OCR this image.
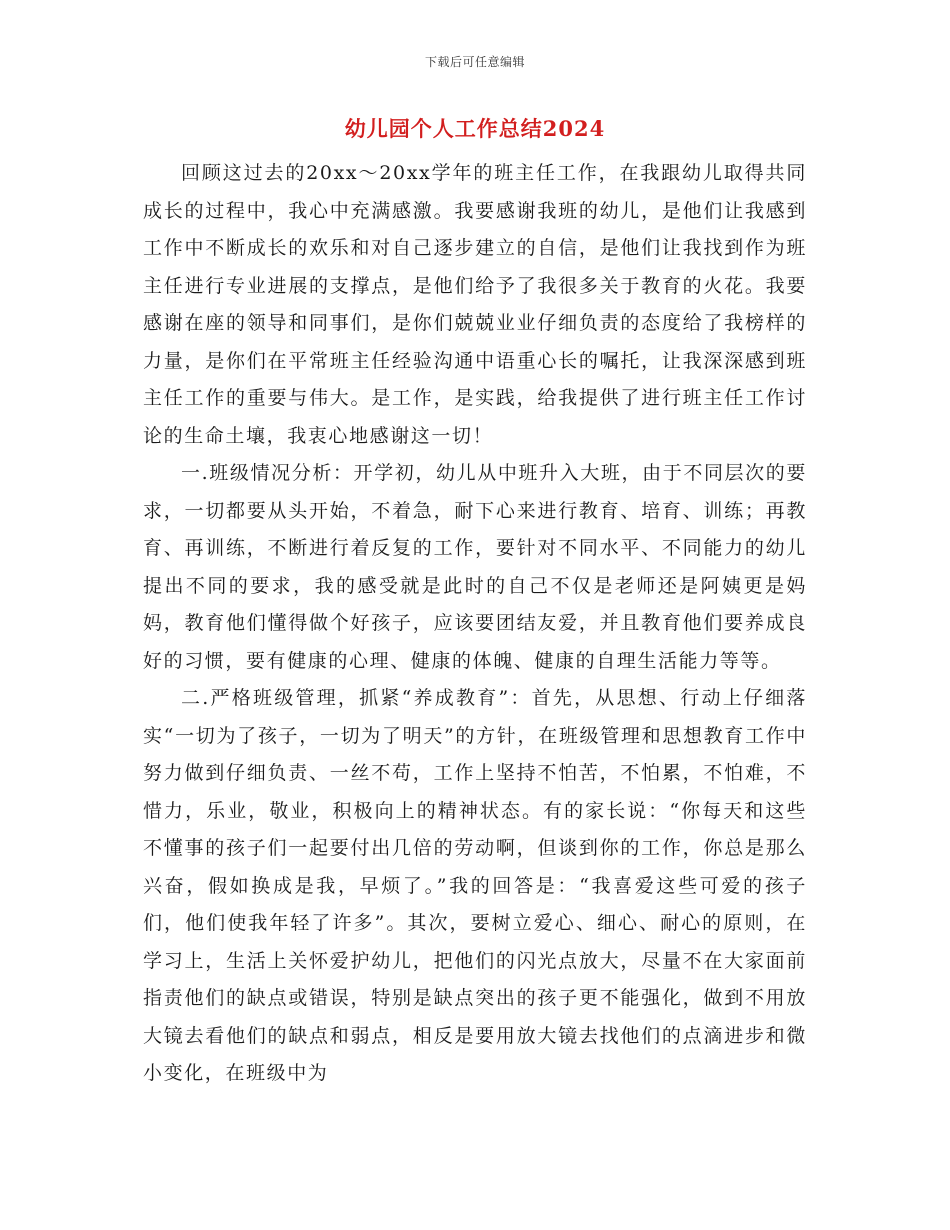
下载后可任意编辑
幼儿园个人工作总结2024

回顾这过去的20xx～20xx学年的班主任工作，在我跟幼儿取得共同成长的过程中，我心中充满感激。我要感谢我班的幼儿，是他们让我感到工作中不断成长的欢乐和对自己逐步建立的自信，是他们让我找到作为班主任进行专业进展的支撑点，是他们给予了我很多关于教育的火花。我要感谢在座的领导和同事们，是你们兢兢业业仔细负责的态度给了我榜样的力量，是你们在平常班主任经验沟通中语重心长的嘱托，让我深深感到班主任工作的重要与伟大。是工作，是实践，给我提供了进行班主任工作讨论的生命土壤，我衷心地感谢这一切！

一.班级情况分析：开学初，幼儿从中班升入大班，由于不同层次的要求，一切都要从头开始，不着急，耐下心来进行教育、培育、训练；再教育、再训练，不断进行着反复的工作，要针对不同水平、不同能力的幼儿提出不同的要求，我的感受就是此时的自己不仅是老师还是阿姨更是妈妈，教育他们懂得做个好孩子，应该要团结友爱，并且教育他们要养成良好的习惯，要有健康的心理、健康的体魄、健康的自理生活能力等等。

二.严格班级管理，抓紧“养成教育”：首先，从思想、行动上仔细落实“一切为了孩子，一切为了明天”的方针，在班级管理和思想教育工作中努力做到仔细负责、一丝不苟，工作上坚持不怕苦，不怕累，不怕难，不惜力，乐业，敬业，积极向上的精神状态。有的家长说：“你每天和这些不懂事的孩子们一起要付出几倍的劳动啊，但谈到你的工作，你总是那么兴奋，假如换成是我，早烦了。”我的回答是：“我喜爱这些可爱的孩子们，他们使我年轻了许多”。其次，要树立爱心、细心、耐心的原则，在学习上，生活上关怀爱护幼儿，把他们的闪光点放大，尽量不在大家面前指责他们的缺点或错误，特别是缺点突出的孩子更不能强化，做到不用放大镜去看他们的缺点和弱点，相反是要用放大镜去找他们的点滴进步和微小变化，在班级中为
